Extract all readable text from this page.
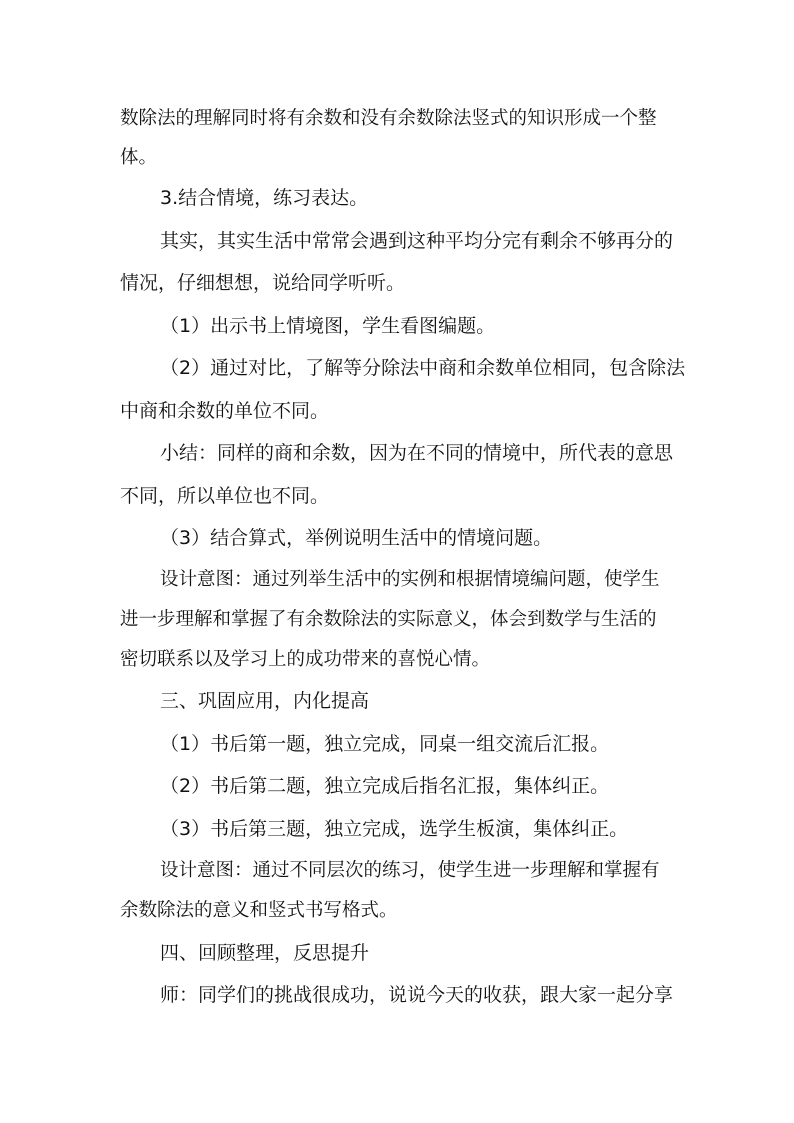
数除法的理解同时将有余数和没有余数除法竖式的知识形成一个整
体。
3.结合情境，练习表达。
其实，其实生活中常常会遇到这种平均分完有剩余不够再分的
情况，仔细想想，说给同学听听。
（1）出示书上情境图，学生看图编题。
（2）通过对比，了解等分除法中商和余数单位相同，包含除法
中商和余数的单位不同。
小结：同样的商和余数，因为在不同的情境中，所代表的意思
不同，所以单位也不同。
（3）结合算式，举例说明生活中的情境问题。
设计意图：通过列举生活中的实例和根据情境编问题，使学生
进一步理解和掌握了有余数除法的实际意义，体会到数学与生活的
密切联系以及学习上的成功带来的喜悦心情。
三、巩固应用，内化提高
（1）书后第一题，独立完成，同桌一组交流后汇报。
（2）书后第二题，独立完成后指名汇报，集体纠正。
（3）书后第三题，独立完成，选学生板演，集体纠正。
设计意图：通过不同层次的练习，使学生进一步理解和掌握有
余数除法的意义和竖式书写格式。
四、回顾整理，反思提升
师：同学们的挑战很成功，说说今天的收获，跟大家一起分享
